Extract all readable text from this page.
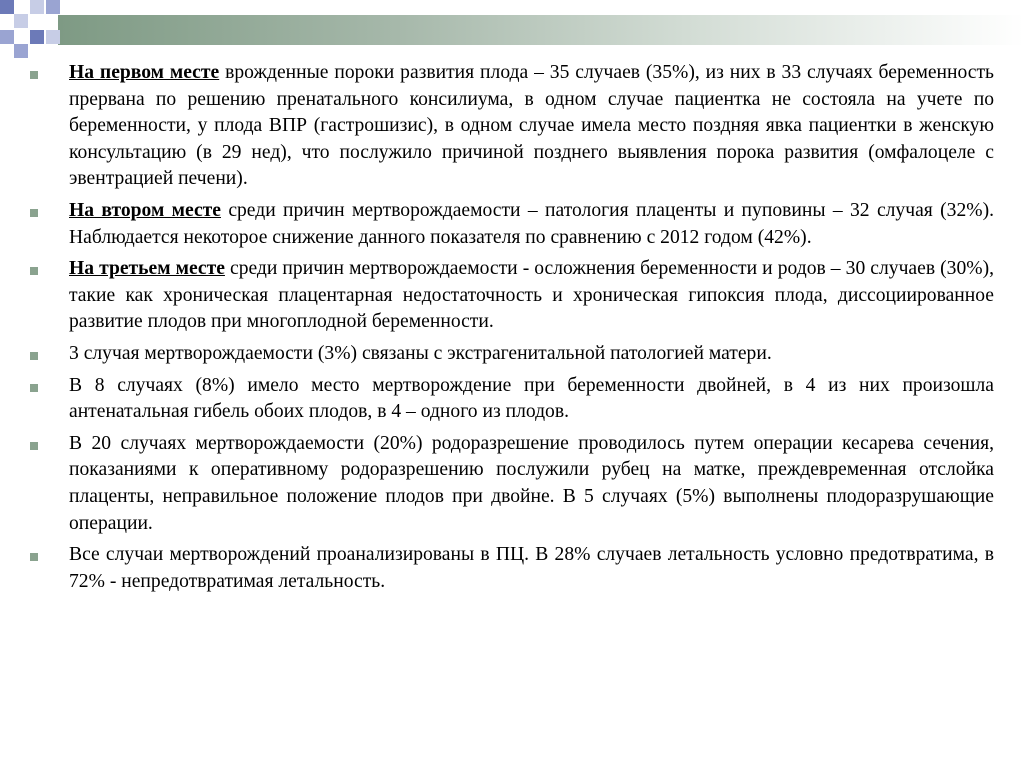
На первом месте врожденные пороки развития плода – 35 случаев (35%), из них в 33 случаях беременность прервана по решению пренатального консилиума, в одном случае пациентка не состояла на учете по беременности, у плода ВПР (гастрошизис), в одном случае имела место поздняя явка пациентки в женскую консультацию (в 29 нед), что послужило причиной позднего выявления порока развития (омфалоцеле с эвентрацией печени).
На втором месте среди причин мертворождаемости – патология плаценты и пуповины – 32 случая (32%). Наблюдается некоторое снижение данного показателя по сравнению с 2012 годом (42%).
На третьем месте среди причин мертворождаемости - осложнения беременности и родов – 30 случаев (30%), такие как хроническая плацентарная недостаточность и хроническая гипоксия плода, диссоциированное развитие плодов при многоплодной беременности.
3 случая мертворождаемости (3%) связаны с экстрагенитальной патологией матери.
В 8 случаях (8%) имело место мертворождение при беременности двойней, в 4 из них произошла антенатальная гибель обоих плодов, в 4 – одного из плодов.
В 20 случаях мертворождаемости (20%) родоразрешение проводилось путем операции кесарева сечения, показаниями к оперативному родоразрешению послужили рубец на матке, преждевременная отслойка плаценты, неправильное положение плодов при двойне. В 5 случаях (5%) выполнены плодоразрушающие операции.
Все случаи мертворождений проанализированы в ПЦ. В 28% случаев летальность условно предотвратима, в 72% - непредотвратимая летальность.
